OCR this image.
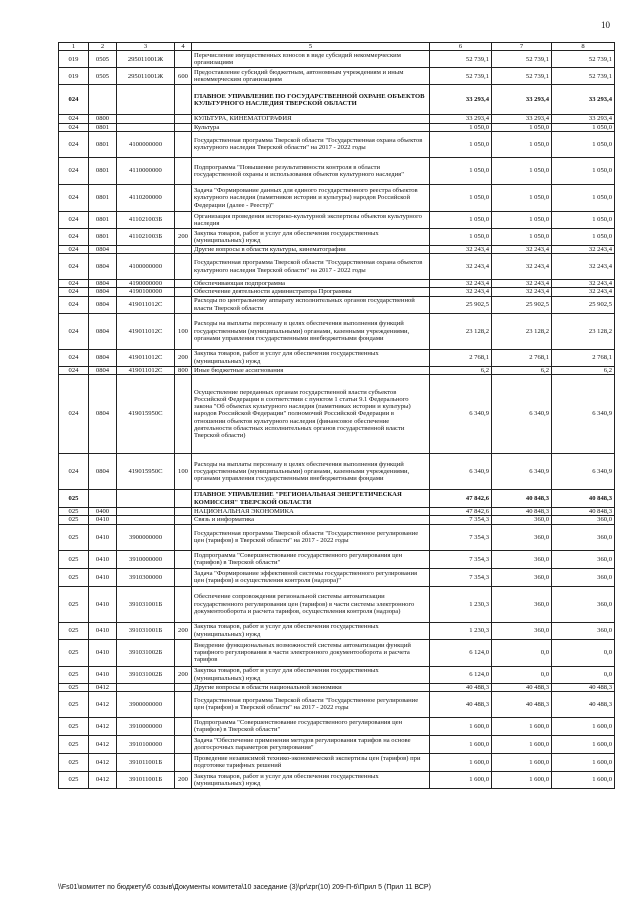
10
1	2	3	4	5	6	7	8
019	0505	295011001Ж		Перечисление имущественных взносов в виде субсидий некоммерческим организациям	52 739,1	52 739,1	52 739,1
019	0505	295011001Ж	600	Предоставление субсидий бюджетным, автономным учреждениям и иным некоммерческим организациям	52 739,1	52 739,1	52 739,1
024				ГЛАВНОЕ УПРАВЛЕНИЕ ПО ГОСУДАРСТВЕННОЙ ОХРАНЕ ОБЪЕКТОВ КУЛЬТУРНОГО НАСЛЕДИЯ ТВЕРСКОЙ ОБЛАСТИ	33 293,4	33 293,4	33 293,4
024	0800			КУЛЬТУРА, КИНЕМАТОГРАФИЯ	33 293,4	33 293,4	33 293,4
024	0801			Культура	1 050,0	1 050,0	1 050,0
024	0801	4100000000		Государственная программа Тверской области "Государственная охрана объектов культурного наследия Тверской области" на 2017 - 2022 годы	1 050,0	1 050,0	1 050,0
024	0801	4110000000		Подпрограмма "Повышение результативности контроля в области государственной охраны и использования объектов культурного наследия"	1 050,0	1 050,0	1 050,0
024	0801	4110200000		Задача "Формирование данных для единого государственного реестра объектов культурного наследия (памятников истории и культуры) народов Российской Федерации (далее - Реестр)"	1 050,0	1 050,0	1 050,0
024	0801	411021003Б		Организация проведения историко-культурной экспертизы объектов культурного наследия	1 050,0	1 050,0	1 050,0
024	0801	411021003Б	200	Закупка товаров, работ и услуг для обеспечения государственных (муниципальных) нужд	1 050,0	1 050,0	1 050,0
024	0804			Другие вопросы в области культуры, кинематографии	32 243,4	32 243,4	32 243,4
024	0804	4100000000		Государственная программа Тверской области "Государственная охрана объектов культурного наследия Тверской области" на 2017 - 2022 годы	32 243,4	32 243,4	32 243,4
024	0804	4190000000		Обеспечивающая подпрограмма	32 243,4	32 243,4	32 243,4
024	0804	4190100000		Обеспечение деятельности администратора Программы	32 243,4	32 243,4	32 243,4
024	0804	419011012С		Расходы по центральному аппарату исполнительных органов государственной власти Тверской области	25 902,5	25 902,5	25 902,5
024	0804	419011012С	100	Расходы на выплаты персоналу в целях обеспечения выполнения функций государственными (муниципальными) органами, казенными учреждениями, органами управления государственными внебюджетными фондами	23 128,2	23 128,2	23 128,2
024	0804	419011012С	200	Закупка товаров, работ и услуг для обеспечения государственных (муниципальных) нужд	2 768,1	2 768,1	2 768,1
024	0804	419011012С	800	Иные бюджетные ассигнования	6,2	6,2	6,2
024	0804	419015950С		Осуществление переданных органам государственной власти субъектов Российской Федерации в соответствии с пунктом 1 статьи 9.1 Федерального закона "Об объектах культурного наследия (памятниках истории и культуры) народов Российской Федерации" полномочий Российской Федерации в отношении объектов культурного наследия (финансовое обеспечение деятельности областных исполнительных органов государственной власти Тверской области)	6 340,9	6 340,9	6 340,9
024	0804	419015950С	100	Расходы на выплаты персоналу в целях обеспечения выполнения функций государственными (муниципальными) органами, казенными учреждениями, органами управления государственными внебюджетными фондами	6 340,9	6 340,9	6 340,9
025				ГЛАВНОЕ УПРАВЛЕНИЕ "РЕГИОНАЛЬНАЯ ЭНЕРГЕТИЧЕСКАЯ КОМИССИЯ" ТВЕРСКОЙ ОБЛАСТИ	47 842,6	40 848,3	40 848,3
025	0400			НАЦИОНАЛЬНАЯ ЭКОНОМИКА	47 842,6	40 848,3	40 848,3
025	0410			Связь и информатика	7 354,3	360,0	360,0
025	0410	3900000000		Государственная программа Тверской области "Государственное регулирование цен (тарифов) в Тверской области" на 2017 - 2022 годы	7 354,3	360,0	360,0
025	0410	3910000000		Подпрограмма "Совершенствование государственного регулирования цен (тарифов) в Тверской области"	7 354,3	360,0	360,0
025	0410	3910300000		Задача "Формирование эффективной системы государственного регулирования цен (тарифов) и осуществления контроля (надзора)"	7 354,3	360,0	360,0
025	0410	391031001Б		Обеспечение сопровождения региональной системы автоматизации государственного регулирования цен (тарифов) в части системы электронного документооборота и расчета тарифов, осуществления контроля (надзора)	1 230,3	360,0	360,0
025	0410	391031001Б	200	Закупка товаров, работ и услуг для обеспечения государственных (муниципальных) нужд	1 230,3	360,0	360,0
025	0410	391031002Б		Внедрение функциональных возможностей системы автоматизации функций тарифного регулирования в части электронного документооборота и расчета тарифов	6 124,0	0,0	0,0
025	0410	391031002Б	200	Закупка товаров, работ и услуг для обеспечения государственных (муниципальных) нужд	6 124,0	0,0	0,0
025	0412			Другие вопросы в области национальной экономики	40 488,3	40 488,3	40 488,3
025	0412	3900000000		Государственная программа Тверской области "Государственное регулирование цен (тарифов) в Тверской области" на 2017 - 2022 годы	40 488,3	40 488,3	40 488,3
025	0412	3910000000		Подпрограмма "Совершенствование государственного регулирования цен (тарифов) в Тверской области"	1 600,0	1 600,0	1 600,0
025	0412	3910100000		Задача "Обеспечение применения методов регулирования тарифов на основе долгосрочных параметров регулирования"	1 600,0	1 600,0	1 600,0
025	0412	391011001Б		Проведение независимой технико-экономической экспертизы цен (тарифов) при подготовке тарифных решений	1 600,0	1 600,0	1 600,0
025	0412	391011001Б	200	Закупка товаров, работ и услуг для обеспечения государственных (муниципальных) нужд	1 600,0	1 600,0	1 600,0
\\Fs01\комитет по бюджету\6 созыв\Документы комитета\10 заседание (3)\pr\zpr(10) 209-П-6\Прил 5 (Прил 11 ВСР)
